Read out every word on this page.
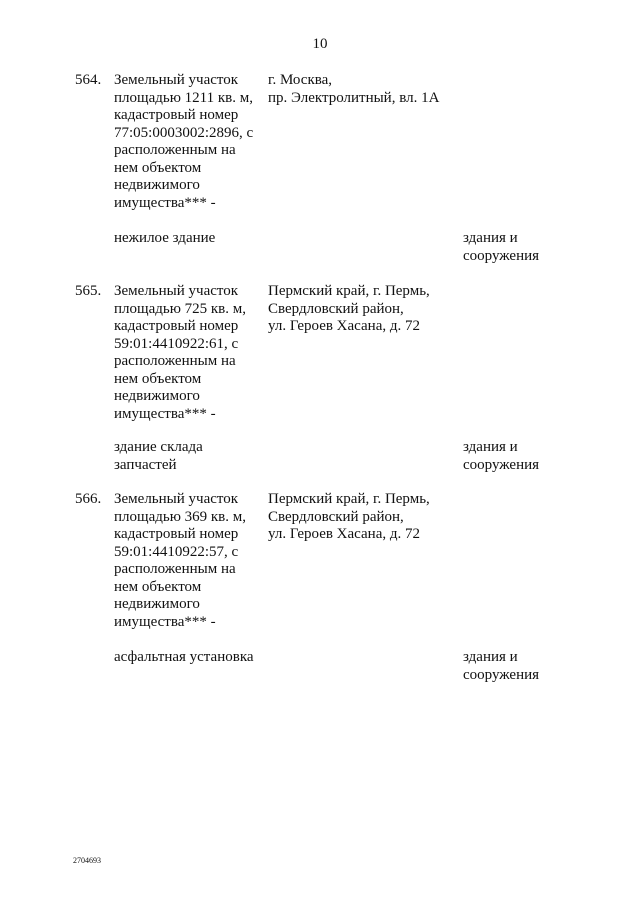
10
564. Земельный участок
площадью 1211 кв. м,
кадастровый номер
77:05:0003002:2896, с
расположенным на
нем объектом
недвижимого
имущества*** -
г. Москва,
пр. Электролитный, вл. 1А
нежилое здание	здания и
сооружения
565. Земельный участок
площадью 725 кв. м,
кадастровый номер
59:01:4410922:61, с
расположенным на
нем объектом
недвижимого
имущества*** -
Пермский край, г. Пермь,
Свердловский район,
ул. Героев Хасана, д. 72
здание склада
запчастей
здания и
сооружения
566. Земельный участок
площадью 369 кв. м,
кадастровый номер
59:01:4410922:57, с
расположенным на
нем объектом
недвижимого
имущества*** -
Пермский край, г. Пермь,
Свердловский район,
ул. Героев Хасана, д. 72
асфальтная установка	здания и
сооружения
2704693
